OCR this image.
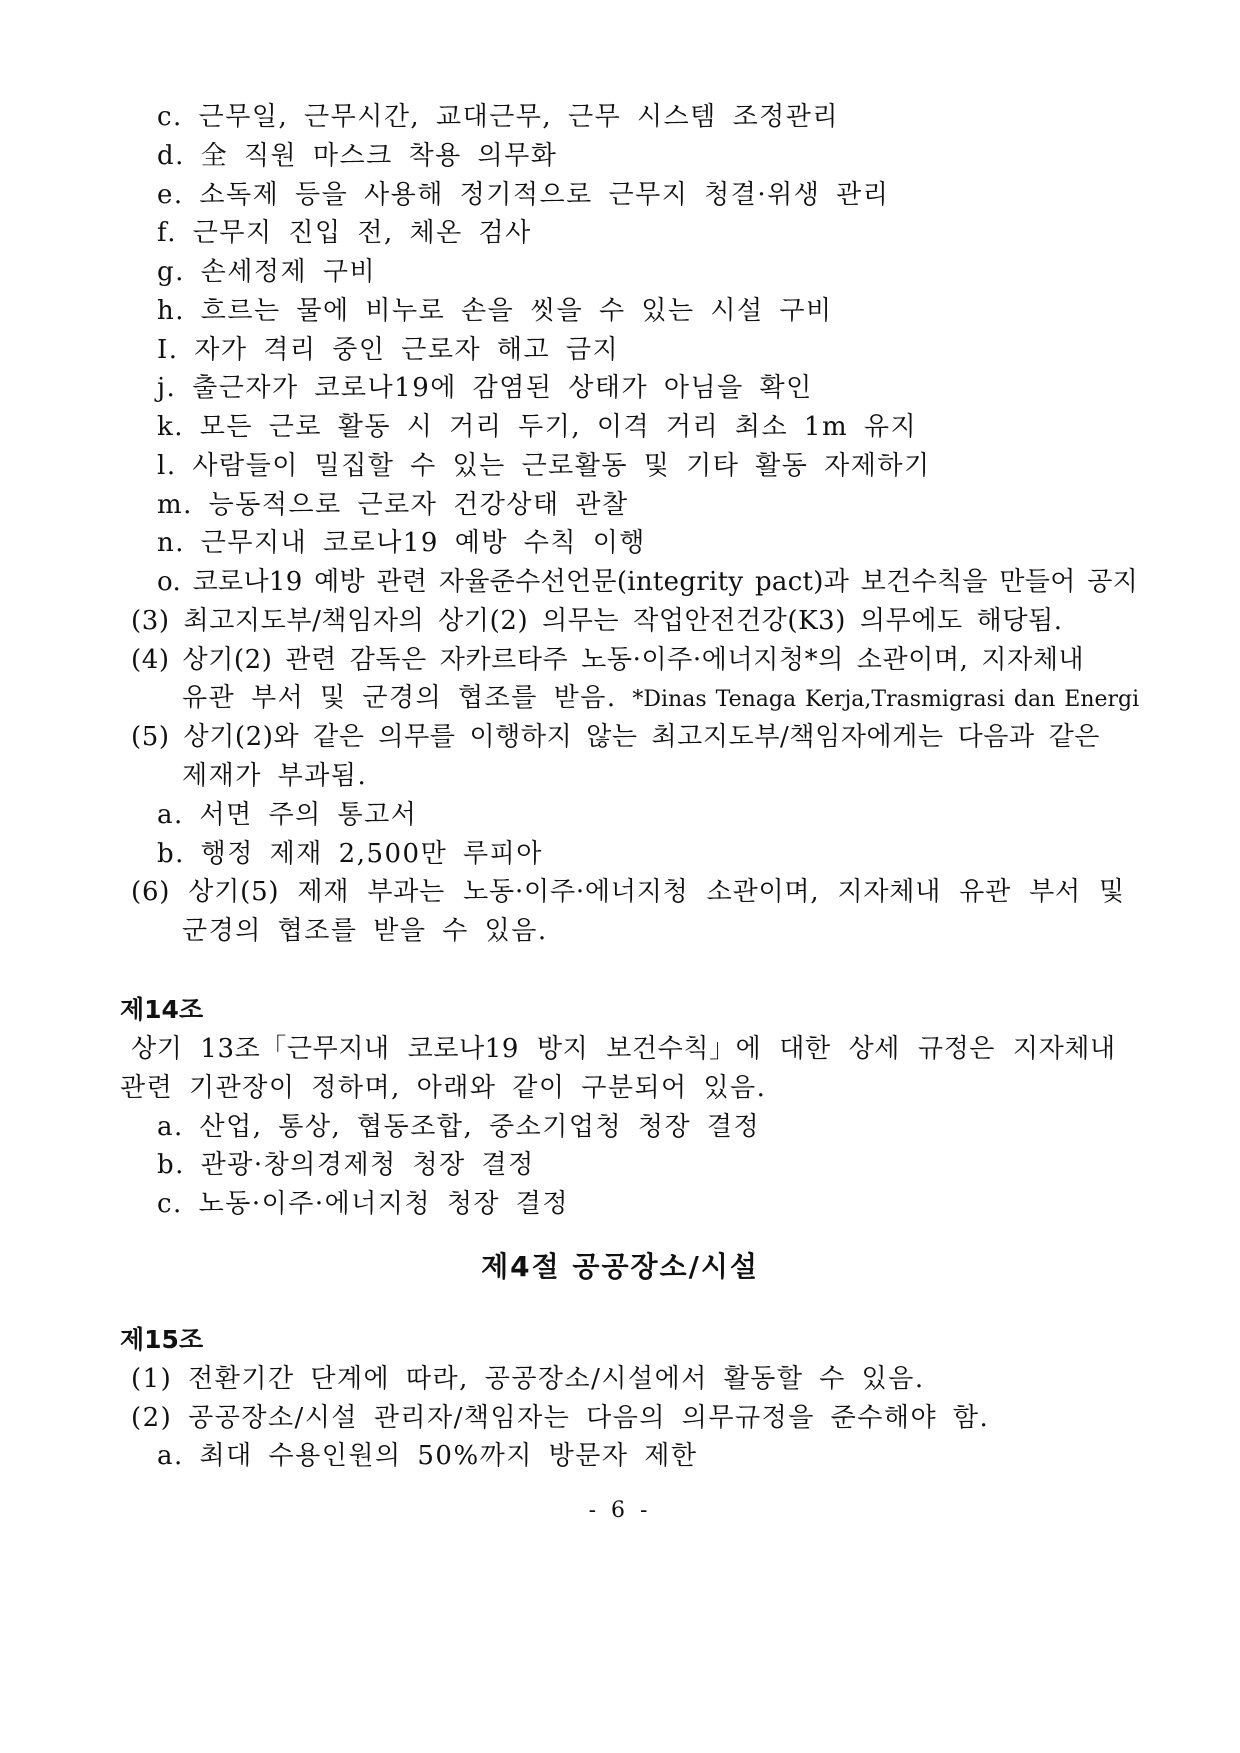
c. 근무일, 근무시간, 교대근무, 근무 시스템 조정관리
d. 全 직원 마스크 착용 의무화
e. 소독제 등을 사용해 정기적으로 근무지 청결·위생 관리
f. 근무지 진입 전, 체온 검사
g. 손세정제 구비
h. 흐르는 물에 비누로 손을 씻을 수 있는 시설 구비
I. 자가 격리 중인 근로자 해고 금지
j. 출근자가 코로나19에 감염된 상태가 아님을 확인
k. 모든 근로 활동 시 거리 두기, 이격 거리 최소 1m 유지
l. 사람들이 밀집할 수 있는 근로활동 및 기타 활동 자제하기
m. 능동적으로 근로자 건강상태 관찰
n. 근무지내 코로나19 예방 수칙 이행
o. 코로나19 예방 관련 자율준수선언문(integrity pact)과 보건수칙을 만들어 공지
(3) 최고지도부/책임자의 상기(2) 의무는 작업안전건강(K3) 의무에도 해당됨.
(4) 상기(2) 관련 감독은 자카르타주 노동·이주·에너지청*의 소관이며, 지자체내
유관 부서 및 군경의 협조를 받음. *Dinas Tenaga Kerja,Trasmigrasi dan Energi
(5) 상기(2)와 같은 의무를 이행하지 않는 최고지도부/책임자에게는 다음과 같은
제재가 부과됨.
a. 서면 주의 통고서
b. 행정 제재 2,500만 루피아
(6) 상기(5) 제재 부과는 노동·이주·에너지청 소관이며, 지자체내 유관 부서 및
군경의 협조를 받을 수 있음.
제14조
상기 13조「근무지내 코로나19 방지 보건수칙」에 대한 상세 규정은 지자체내
관련 기관장이 정하며, 아래와 같이 구분되어 있음.
a. 산업, 통상, 협동조합, 중소기업청 청장 결정
b. 관광·창의경제청 청장 결정
c. 노동·이주·에너지청 청장 결정
제4절 공공장소/시설
제15조
(1) 전환기간 단계에 따라, 공공장소/시설에서 활동할 수 있음.
(2) 공공장소/시설 관리자/책임자는 다음의 의무규정을 준수해야 함.
a. 최대 수용인원의 50%까지 방문자 제한
- 6 -
